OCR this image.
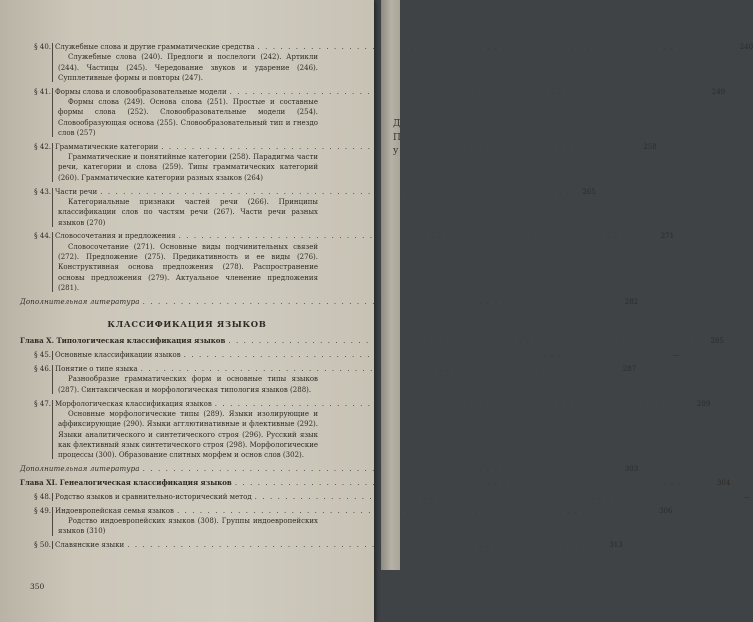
§ 40. Служебные слова и другие грамматические средства . . .	240
Служебные слова (240). Предлоги и послелоги (242). Артикли (244). Частицы (245). Чередование звуков и ударение (246). Супплетивные формы и повторы (247).
§ 41. Формы слова и словообразовательные модели . . .	249
Формы слова (249). Основа слова (251). Простые и составные формы слова (252). Словообразовательные модели (254). Словообразующая основа (255). Словообразовательный тип и гнездо слов (257)
§ 42. Грамматические категории . . .	258
Грамматические и понятийные категории (258). Парадигма части речи, категории и слова (259). Типы грамматических категорий (260). Грамматические категории разных языков (264)
§ 43. Части речи . . .	265
Категориальные признаки частей речи (266). Принципы классификации слов по частям речи (267). Части речи разных языков (270)
§ 44. Словосочетания и предложения . . .	271
Словосочетание (271). Основные виды подчинительных связей (272). Предложение (275). Предикативность и ее виды (276). Конструктивная основа предложения (278). Распространение основы предложения (279). Актуальное членение предложения (281).
Дополнительная литература . . .	282
КЛАССИФИКАЦИЯ ЯЗЫКОВ
Глава X. Типологическая классификация языков . . .	285
§ 45. Основные классификации языков . . .	—
§ 46. Понятие о типе языка . . .	287
Разнообразие грамматических форм и основные типы языков (287). Синтаксическая и морфологическая типология языков (288).
§ 47. Морфологическая классификация языков . . .	289
Основные морфологические типы (289). Языки изолирующие и аффиксирующие (290). Языки агглютинативные и флективные (292). Языки аналитического и синтетического строя (296). Русский язык как флективный язык синтетического строя (298). Морфологические процессы (300). Образование слитных морфем и основ слов (302).
Дополнительная литература . . .	303
Глава XI. Генеалогическая классификация языков . . .	304
§ 48. Родство языков и сравнительно-исторический метод . . .	—
§ 49. Индоевропейская семья языков . . .	306
Родство индоевропейских языков (308). Группы индоевропейских языков (310)
§ 50. Славянские языки . . .	313
350
Д
П
у
